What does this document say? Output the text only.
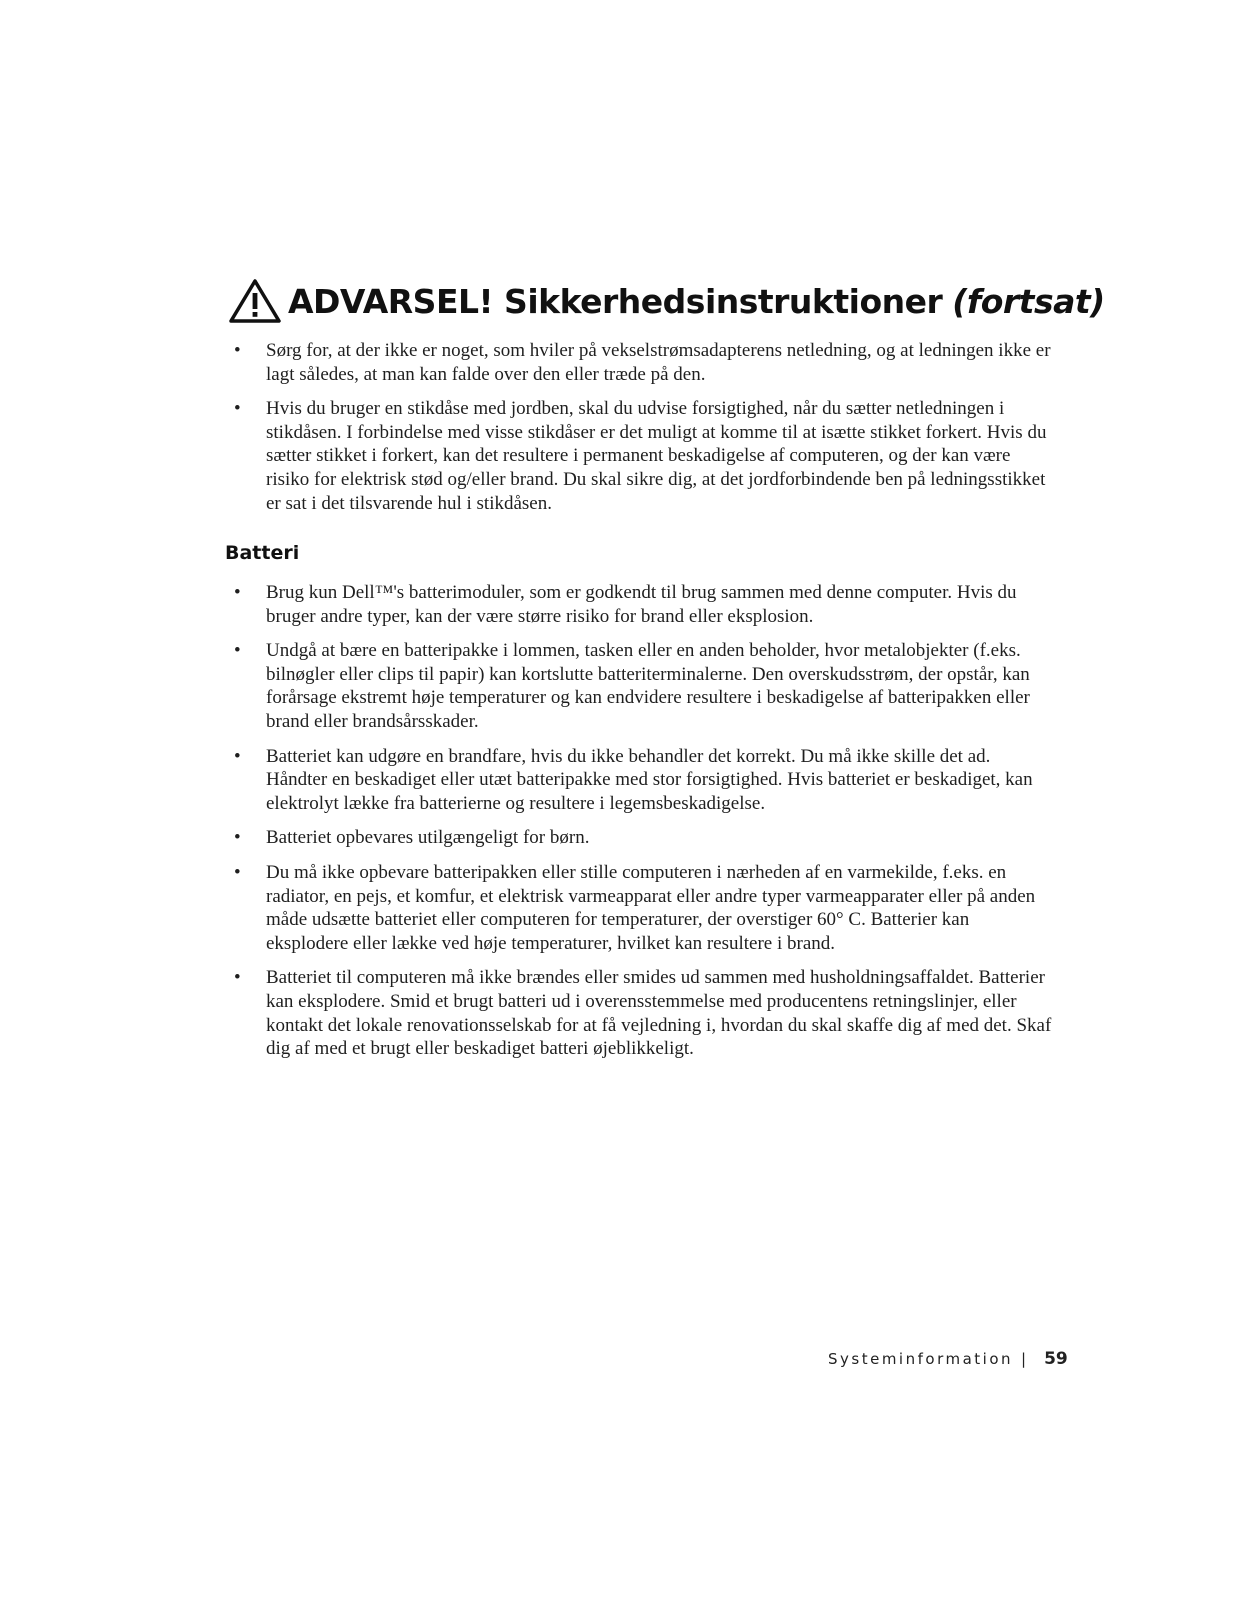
ADVARSEL! Sikkerhedsinstruktioner (fortsat)
• Sørg for, at der ikke er noget, som hviler på vekselstrømsadapterens netledning, og at ledningen ikke er lagt således, at man kan falde over den eller træde på den.
• Hvis du bruger en stikdåse med jordben, skal du udvise forsigtighed, når du sætter netledningen i stikdåsen. I forbindelse med visse stikdåser er det muligt at komme til at isætte stikket forkert. Hvis du sætter stikket i forkert, kan det resultere i permanent beskadigelse af computeren, og der kan være risiko for elektrisk stød og/eller brand. Du skal sikre dig, at det jordforbindende ben på ledningsstikket er sat i det tilsvarende hul i stikdåsen.
Batteri
• Brug kun Dell™'s batterimoduler, som er godkendt til brug sammen med denne computer. Hvis du bruger andre typer, kan der være større risiko for brand eller eksplosion.
• Undgå at bære en batteripakke i lommen, tasken eller en anden beholder, hvor metalobjekter (f.eks. bilnøgler eller clips til papir) kan kortslutte batteriterminalerne. Den overskudsstrøm, der opstår, kan forårsage ekstremt høje temperaturer og kan endvidere resultere i beskadigelse af batteripakken eller brand eller brandsårsskader.
• Batteriet kan udgøre en brandfare, hvis du ikke behandler det korrekt. Du må ikke skille det ad. Håndter en beskadiget eller utæt batteripakke med stor forsigtighed. Hvis batteriet er beskadiget, kan elektrolyt lække fra batterierne og resultere i legemsbeskadigelse.
• Batteriet opbevares utilgængeligt for børn.
• Du må ikke opbevare batteripakken eller stille computeren i nærheden af en varmekilde, f.eks. en radiator, en pejs, et komfur, et elektrisk varmeapparat eller andre typer varmeapparater eller på anden måde udsætte batteriet eller computeren for temperaturer, der overstiger 60° C. Batterier kan eksplodere eller lække ved høje temperaturer, hvilket kan resultere i brand.
• Batteriet til computeren må ikke brændes eller smides ud sammen med husholdningsaffaldet. Batterier kan eksplodere. Smid et brugt batteri ud i overensstemmelse med producentens retningslinjer, eller kontakt det lokale renovationsselskab for at få vejledning i, hvordan du skal skaffe dig af med det. Skaf dig af med et brugt eller beskadiget batteri øjeblikkeligt.
Systeminformation | 59
